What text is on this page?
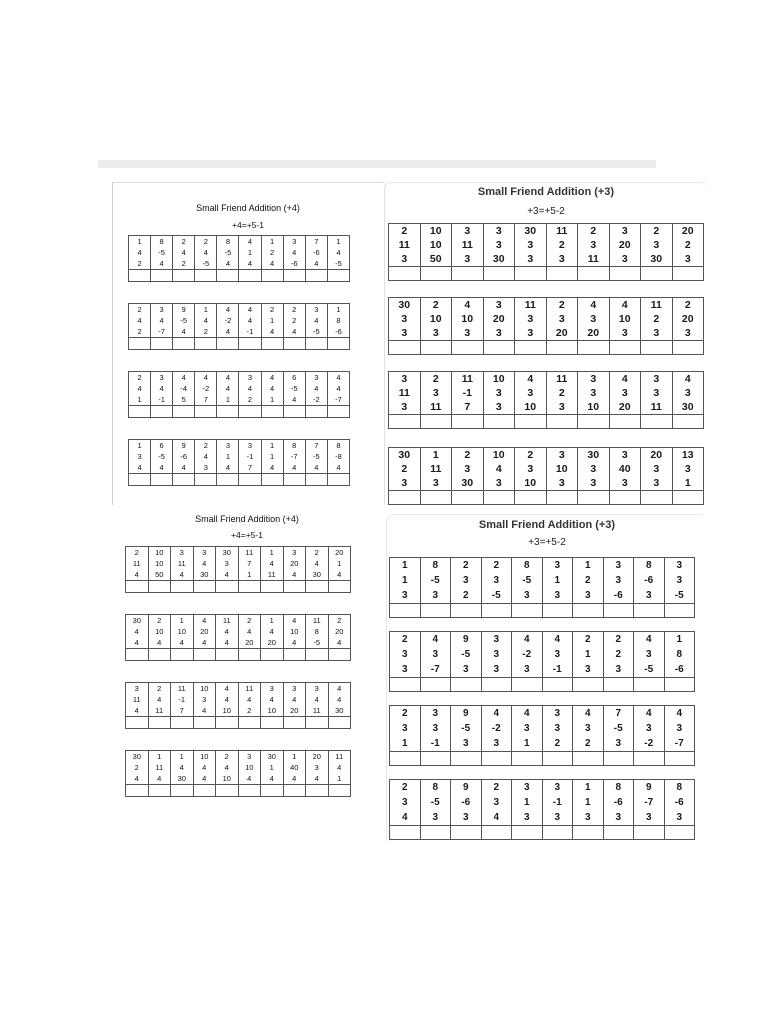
Small Friend Addition (+4)
+4=+5-1
1	8	2	2	8	4	1	3	7	1
4	-5	4	4	-5	1	2	4	-6	4
2	4	2	-5	4	4	4	-6	4	-5

2	3	9	1	4	4	2	2	3	1
4	4	-5	4	-2	4	1	2	4	8
2	-7	4	2	4	-1	4	4	-5	-6

2	3	4	4	4	3	4	6	3	4
4	4	-4	-2	4	4	4	-5	4	4
1	-1	5	7	1	2	1	4	-2	-7

1	6	9	2	3	3	1	8	7	8
3	-5	-6	4	1	-1	1	-7	-5	-8
4	4	4	3	4	7	4	4	4	4

Small Friend Addition (+3)
+3=+5-2
2	10	3	3	30	11	2	3	2	20
11	10	11	3	3	2	3	20	3	2
3	50	3	30	3	3	11	3	30	3

30	2	4	3	11	2	4	4	11	2
3	10	10	20	3	3	3	10	2	20
3	3	3	3	3	20	20	3	3	3

3	2	11	10	4	11	3	4	3	4
11	3	-1	3	3	2	3	3	3	3
3	11	7	3	10	3	10	20	11	30

30	1	2	10	2	3	30	3	20	13
2	11	3	4	3	10	3	40	3	3
3	3	30	3	10	3	3	3	3	1

Small Friend Addition (+4)
+4=+5-1
2	10	3	3	30	11	1	3	2	20
11	10	11	4	3	7	4	20	4	1
4	50	4	30	4	1	11	4	30	4

30	2	1	4	11	2	1	4	11	2
4	10	10	20	4	4	4	10	8	20
4	4	4	4	4	20	20	4	-5	4

3	2	11	10	4	11	3	3	3	4
11	4	-1	3	4	4	4	4	4	4
4	11	7	4	10	2	10	20	11	30

30	1	1	10	2	3	30	1	20	11
2	11	4	4	4	10	1	40	3	4
4	4	30	4	10	4	4	4	4	1

Small Friend Addition (+3)
+3=+5-2
1	8	2	2	8	3	1	3	8	3
1	-5	3	3	-5	1	2	3	-6	3
3	3	2	-5	3	3	3	-6	3	-5

2	4	9	3	4	4	2	2	4	1
3	3	-5	3	-2	3	1	2	3	8
3	-7	3	3	3	-1	3	3	-5	-6

2	3	9	4	4	3	4	7	4	4
3	3	-5	-2	3	3	3	-5	3	3
1	-1	3	3	1	2	2	3	-2	-7

2	8	9	2	3	3	1	8	9	8
3	-5	-6	3	1	-1	1	-6	-7	-6
4	3	3	4	3	3	3	3	3	3
